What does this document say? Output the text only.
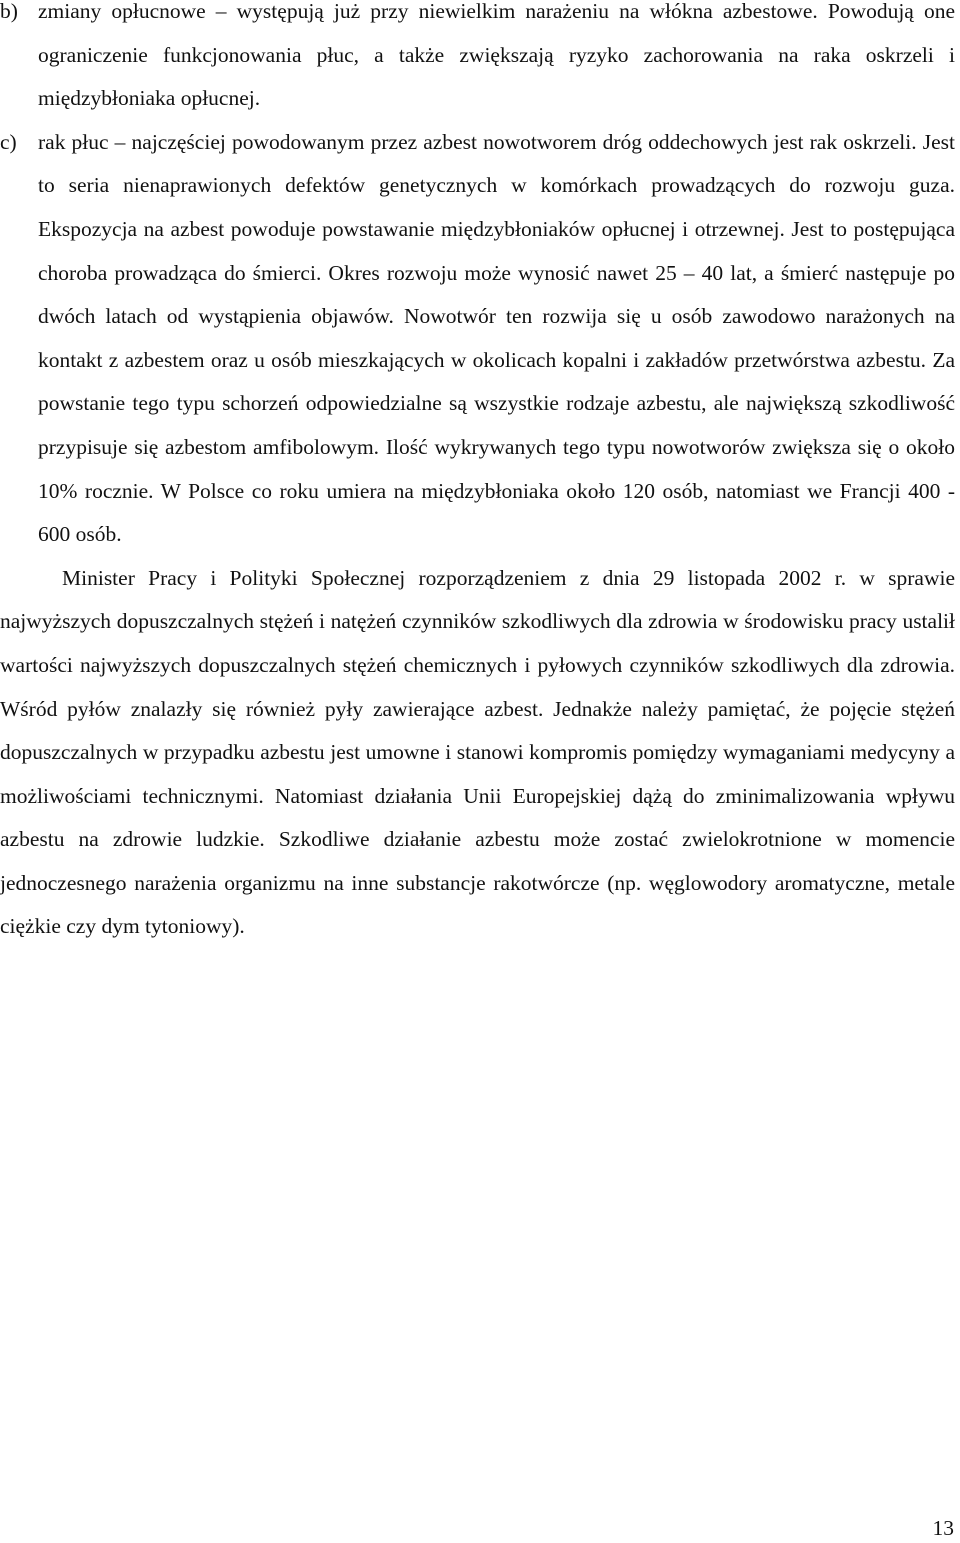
b) zmiany opłucnowe – występują już przy niewielkim narażeniu na włókna azbestowe. Powodują one ograniczenie funkcjonowania płuc, a także zwiększają ryzyko zachorowania na raka oskrzeli i międzybłoniaka opłucnej.
c) rak płuc – najczęściej powodowanym przez azbest nowotworem dróg oddechowych jest rak oskrzeli. Jest to seria nienaprawionych defektów genetycznych w komórkach prowadzących do rozwoju guza. Ekspozycja na azbest powoduje powstawanie międzybłoniaków opłucnej i otrzewnej. Jest to postępująca choroba prowadząca do śmierci. Okres rozwoju może wynosić nawet 25 – 40 lat, a śmierć następuje po dwóch latach od wystąpienia objawów. Nowotwór ten rozwija się u osób zawodowo narażonych na kontakt z azbestem oraz u osób mieszkających w okolicach kopalni i zakładów przetwórstwa azbestu. Za powstanie tego typu schorzeń odpowiedzialne są wszystkie rodzaje azbestu, ale największą szkodliwość przypisuje się azbestom amfibolowym. Ilość wykrywanych tego typu nowotworów zwiększa się o około 10% rocznie. W Polsce co roku umiera na międzybłoniaka około 120 osób, natomiast we Francji 400 - 600 osób.

Minister Pracy i Polityki Społecznej rozporządzeniem z dnia 29 listopada 2002 r. w sprawie najwyższych dopuszczalnych stężeń i natężeń czynników szkodliwych dla zdrowia w środowisku pracy ustalił wartości najwyższych dopuszczalnych stężeń chemicznych i pyłowych czynników szkodliwych dla zdrowia. Wśród pyłów znalazły się również pyły zawierające azbest. Jednakże należy pamiętać, że pojęcie stężeń dopuszczalnych w przypadku azbestu jest umowne i stanowi kompromis pomiędzy wymaganiami medycyny a możliwościami technicznymi. Natomiast działania Unii Europejskiej dążą do zminimalizowania wpływu azbestu na zdrowie ludzkie. Szkodliwe działanie azbestu może zostać zwielokrotnione w momencie jednoczesnego narażenia organizmu na inne substancje rakotwórcze (np. węglowodory aromatyczne, metale ciężkie czy dym tytoniowy).

13
